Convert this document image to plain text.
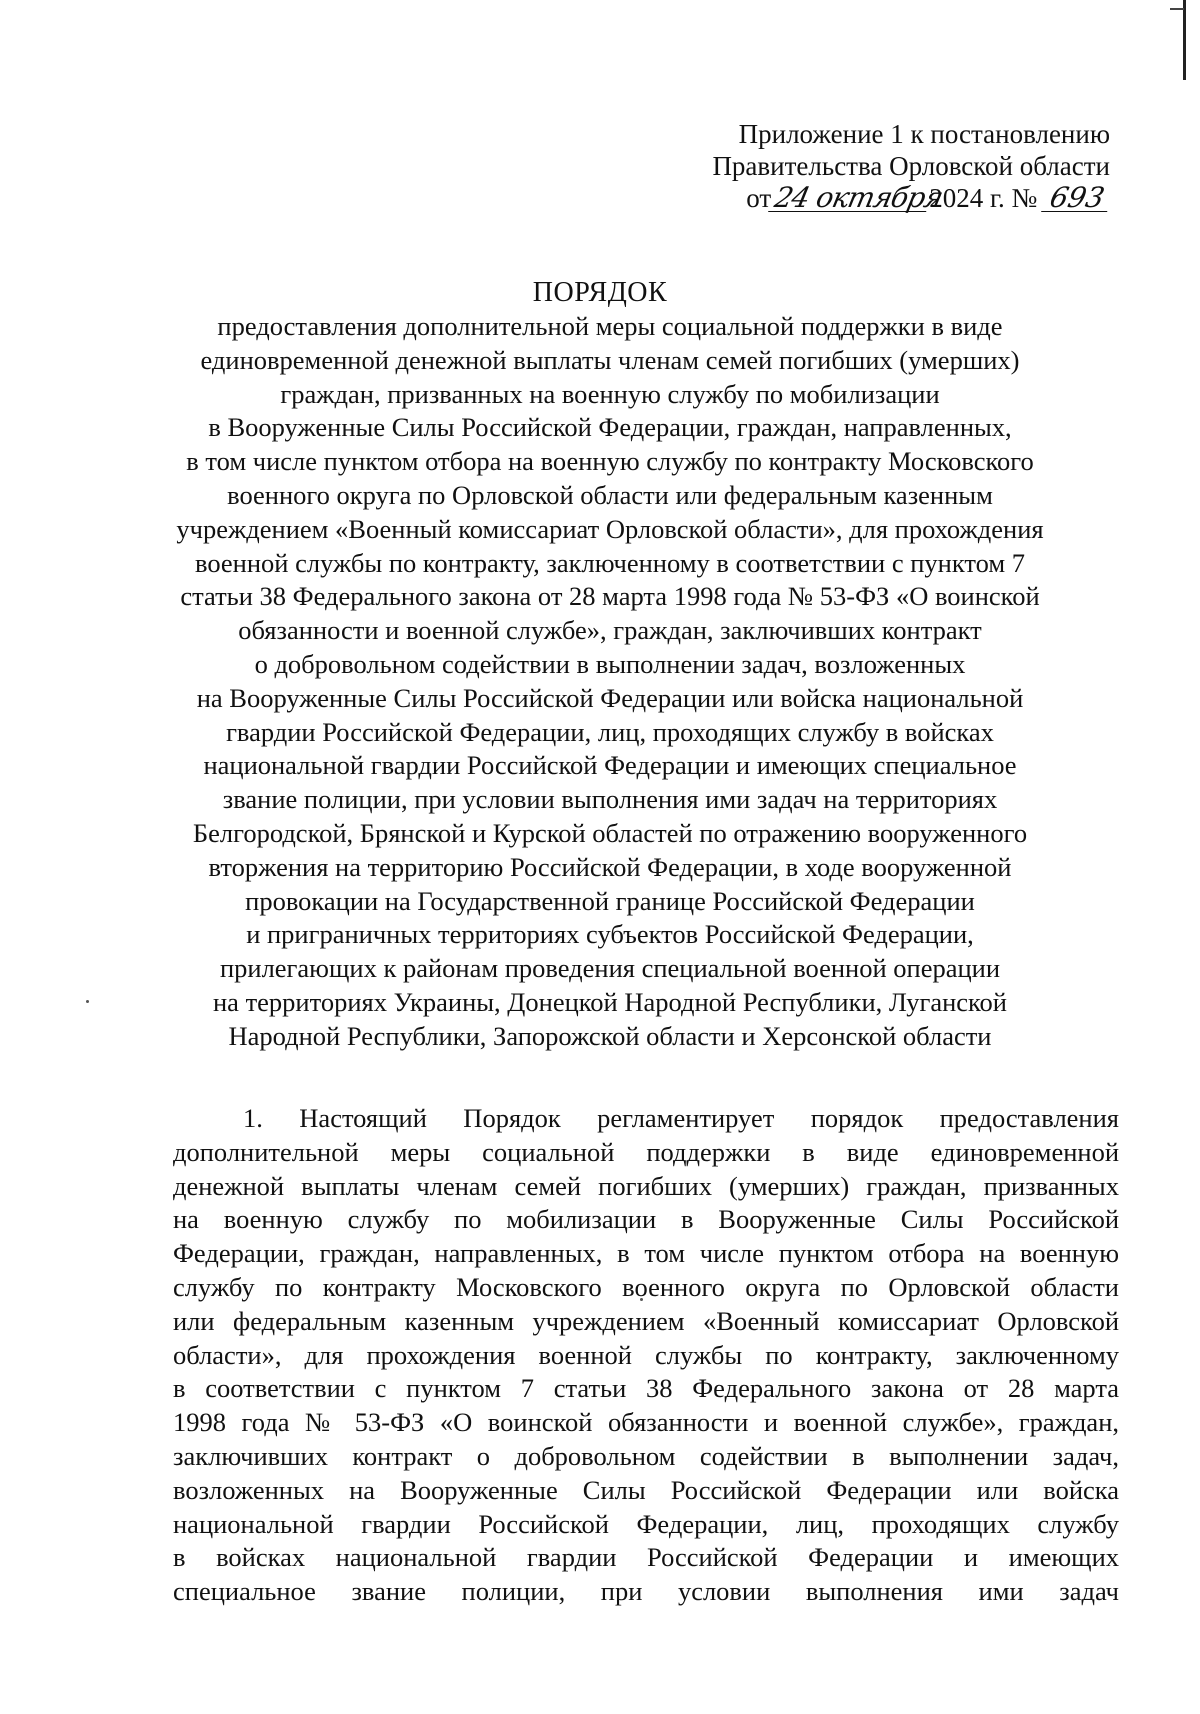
Приложение 1 к постановлению
Правительства Орловской области
от24 октября2024 г. № 693
ПОРЯДОК
предоставления дополнительной меры социальной поддержки в виде
единовременной денежной выплаты членам семей погибших (умерших)
граждан, призванных на военную службу по мобилизации
в Вооруженные Силы Российской Федерации, граждан, направленных,
в том числе пунктом отбора на военную службу по контракту Московского
военного округа по Орловской области или федеральным казенным
учреждением «Военный комиссариат Орловской области», для прохождения
военной службы по контракту, заключенному в соответствии с пунктом 7
статьи 38 Федерального закона от 28 марта 1998 года № 53-ФЗ «О воинской
обязанности и военной службе», граждан, заключивших контракт
о добровольном содействии в выполнении задач, возложенных
на Вооруженные Силы Российской Федерации или войска национальной
гвардии Российской Федерации, лиц, проходящих службу в войсках
национальной гвардии Российской Федерации и имеющих специальное
звание полиции, при условии выполнения ими задач на территориях
Белгородской, Брянской и Курской областей по отражению вооруженного
вторжения на территорию Российской Федерации, в ходе вооруженной
провокации на Государственной границе Российской Федерации
и приграничных территориях субъектов Российской Федерации,
прилегающих к районам проведения специальной военной операции
на территориях Украины, Донецкой Народной Республики, Луганской
Народной Республики, Запорожской области и Херсонской области
1. Настоящий Порядок регламентирует порядок предоставления
дополнительной меры социальной поддержки в виде единовременной
денежной выплаты членам семей погибших (умерших) граждан, призванных
на военную службу по мобилизации в Вооруженные Силы Российской
Федерации, граждан, направленных, в том числе пунктом отбора на военную
службу по контракту Московского военного округа по Орловской области
или федеральным казенным учреждением «Военный комиссариат Орловской
области», для прохождения военной службы по контракту, заключенному
в соответствии с пунктом 7 статьи 38 Федерального закона от 28 марта
1998 года № 53-ФЗ «О воинской обязанности и военной службе», граждан,
заключивших контракт о добровольном содействии в выполнении задач,
возложенных на Вооруженные Силы Российской Федерации или войска
национальной гвардии Российской Федерации, лиц, проходящих службу
в войсках национальной гвардии Российской Федерации и имеющих
специальное звание полиции, при условии выполнения ими задач
